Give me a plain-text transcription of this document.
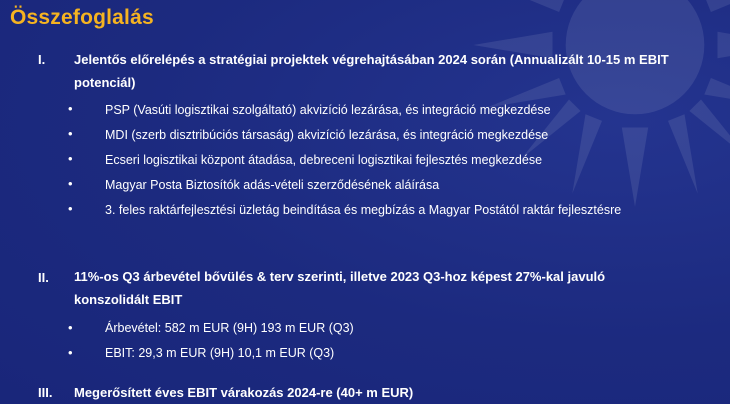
Összefoglalás
I. Jelentős előrelépés a stratégiai projektek végrehajtásában 2024 során (Annualizált 10-15 m EBIT potenciál)
•	PSP (Vasúti logisztikai szolgáltató) akvizíció lezárása, és integráció megkezdése
•	MDI (szerb disztribúciós társaság) akvizíció lezárása, és integráció megkezdése
•	Ecseri logisztikai központ átadása, debreceni logisztikai fejlesztés megkezdése
•	Magyar Posta Biztosítók adás-vételi szerződésének aláírása
•	3. feles raktárfejlesztési üzletág beindítása és megbízás a Magyar Postától raktár fejlesztésre
II. 11%-os Q3 árbevétel bővülés & terv szerinti, illetve 2023 Q3-hoz képest 27%-kal javuló konszolidált EBIT
•	Árbevétel: 582 m EUR (9H) 193 m EUR (Q3)
•	EBIT: 29,3 m EUR (9H) 10,1 m EUR (Q3)
III. Megerősített éves EBIT várakozás 2024-re (40+ m EUR)
